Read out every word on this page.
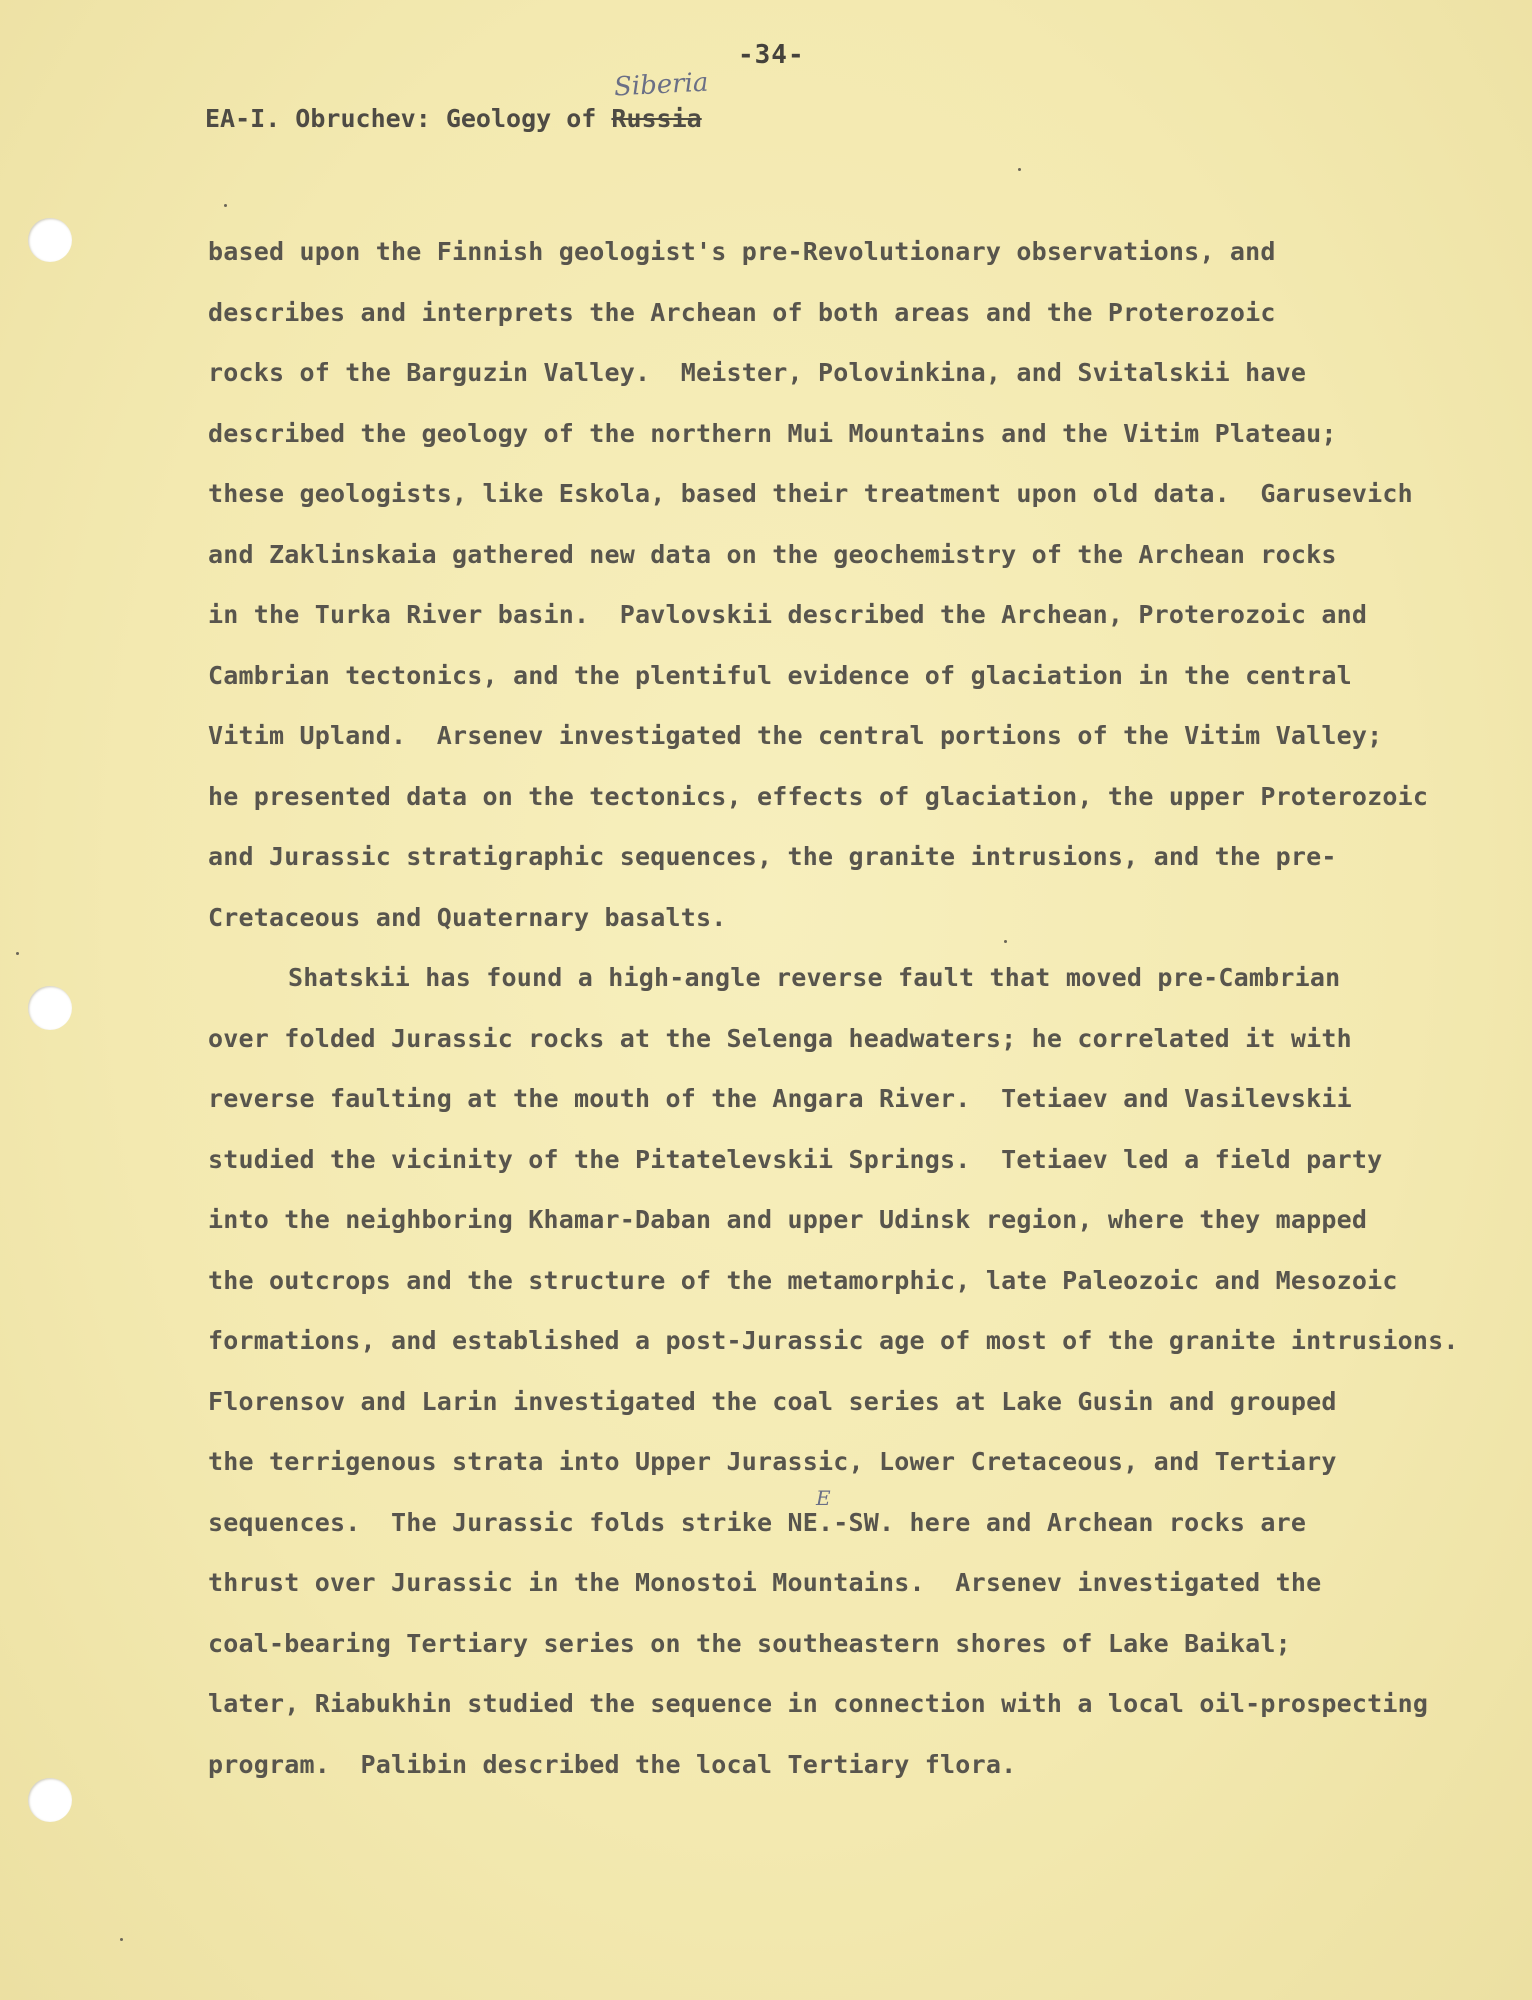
-34-
Siberia
EA-I. Obruchev: Geology of Russia
E
based upon the Finnish geologist's pre-Revolutionary observations, and
describes and interprets the Archean of both areas and the Proterozoic
rocks of the Barguzin Valley.  Meister, Polovinkina, and Svitalskii have
described the geology of the northern Mui Mountains and the Vitim Plateau;
these geologists, like Eskola, based their treatment upon old data.  Garusevich
and Zaklinskaia gathered new data on the geochemistry of the Archean rocks
in the Turka River basin.  Pavlovskii described the Archean, Proterozoic and
Cambrian tectonics, and the plentiful evidence of glaciation in the central
Vitim Upland.  Arsenev investigated the central portions of the Vitim Valley;
he presented data on the tectonics, effects of glaciation, the upper Proterozoic
and Jurassic stratigraphic sequences, the granite intrusions, and the pre-
Cretaceous and Quaternary basalts.
Shatskii has found a high-angle reverse fault that moved pre-Cambrian
over folded Jurassic rocks at the Selenga headwaters; he correlated it with
reverse faulting at the mouth of the Angara River.  Tetiaev and Vasilevskii
studied the vicinity of the Pitatelevskii Springs.  Tetiaev led a field party
into the neighboring Khamar-Daban and upper Udinsk region, where they mapped
the outcrops and the structure of the metamorphic, late Paleozoic and Mesozoic
formations, and established a post-Jurassic age of most of the granite intrusions.
Florensov and Larin investigated the coal series at Lake Gusin and grouped
the terrigenous strata into Upper Jurassic, Lower Cretaceous, and Tertiary
sequences.  The Jurassic folds strike NE.-SW. here and Archean rocks are
thrust over Jurassic in the Monostoi Mountains.  Arsenev investigated the
coal-bearing Tertiary series on the southeastern shores of Lake Baikal;
later, Riabukhin studied the sequence in connection with a local oil-prospecting
program.  Palibin described the local Tertiary flora.
